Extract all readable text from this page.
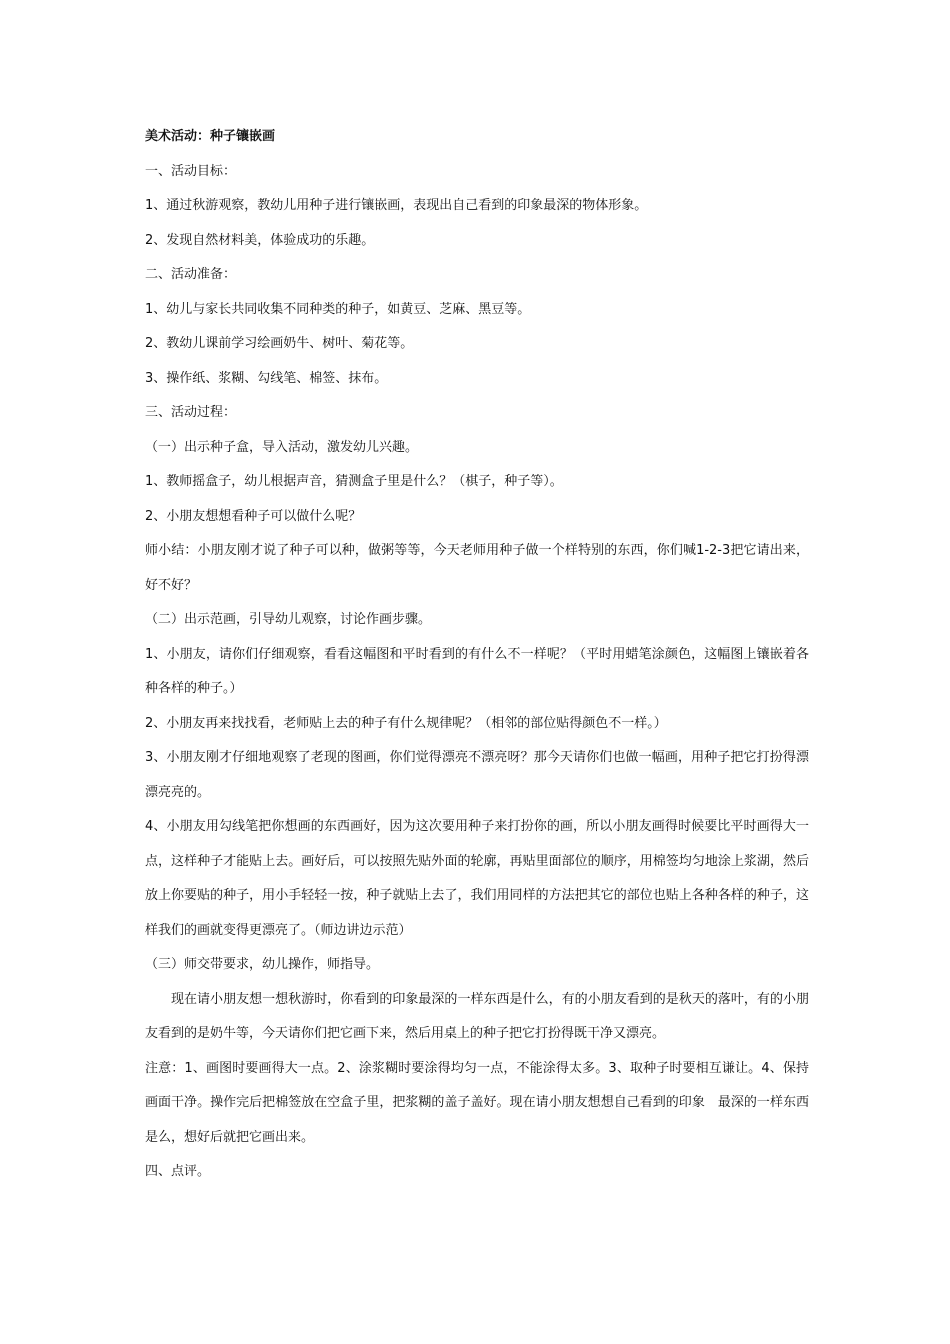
美术活动：种子镶嵌画
一、活动目标：
1、通过秋游观察，教幼儿用种子进行镶嵌画，表现出自己看到的印象最深的物体形象。
2、发现自然材料美，体验成功的乐趣。
二、活动准备：
1、幼儿与家长共同收集不同种类的种子，如黄豆、芝麻、黑豆等。
2、教幼儿课前学习绘画奶牛、树叶、菊花等。
3、操作纸、浆糊、勾线笔、棉签、抹布。
三、活动过程：
（一）出示种子盒，导入活动，激发幼儿兴趣。
1、教师摇盒子，幼儿根据声音，猜测盒子里是什么？（棋子，种子等）。
2、小朋友想想看种子可以做什么呢？
师小结：小朋友刚才说了种子可以种，做粥等等，今天老师用种子做一个样特别的东西，你们喊1-2-3把它请出来，好不好？
（二）出示范画，引导幼儿观察，讨论作画步骤。
1、小朋友，请你们仔细观察，看看这幅图和平时看到的有什么不一样呢？（平时用蜡笔涂颜色，这幅图上镶嵌着各种各样的种子。）
2、小朋友再来找找看，老师贴上去的种子有什么规律呢？（相邻的部位贴得颜色不一样。）
3、小朋友刚才仔细地观察了老现的图画，你们觉得漂亮不漂亮呀？那今天请你们也做一幅画，用种子把它打扮得漂漂亮亮的。
4、小朋友用勾线笔把你想画的东西画好，因为这次要用种子来打扮你的画，所以小朋友画得时候要比平时画得大一点，这样种子才能贴上去。画好后，可以按照先贴外面的轮廓，再贴里面部位的顺序，用棉签均匀地涂上浆湖，然后放上你要贴的种子，用小手轻轻一按，种子就贴上去了，我们用同样的方法把其它的部位也贴上各种各样的种子，这样我们的画就变得更漂亮了。（师边讲边示范）
（三）师交带要求，幼儿操作，师指导。
现在请小朋友想一想秋游时，你看到的印象最深的一样东西是什么，有的小朋友看到的是秋天的落叶，有的小朋友看到的是奶牛等，今天请你们把它画下来，然后用桌上的种子把它打扮得既干净又漂亮。
注意：1、画图时要画得大一点。2、涂浆糊时要涂得均匀一点，不能涂得太多。3、取种子时要相互谦让。4、保持画面干净。操作完后把棉签放在空盒子里，把浆糊的盖子盖好。现在请小朋友想想自己看到的印象　最深的一样东西是么，想好后就把它画出来。
四、点评。
